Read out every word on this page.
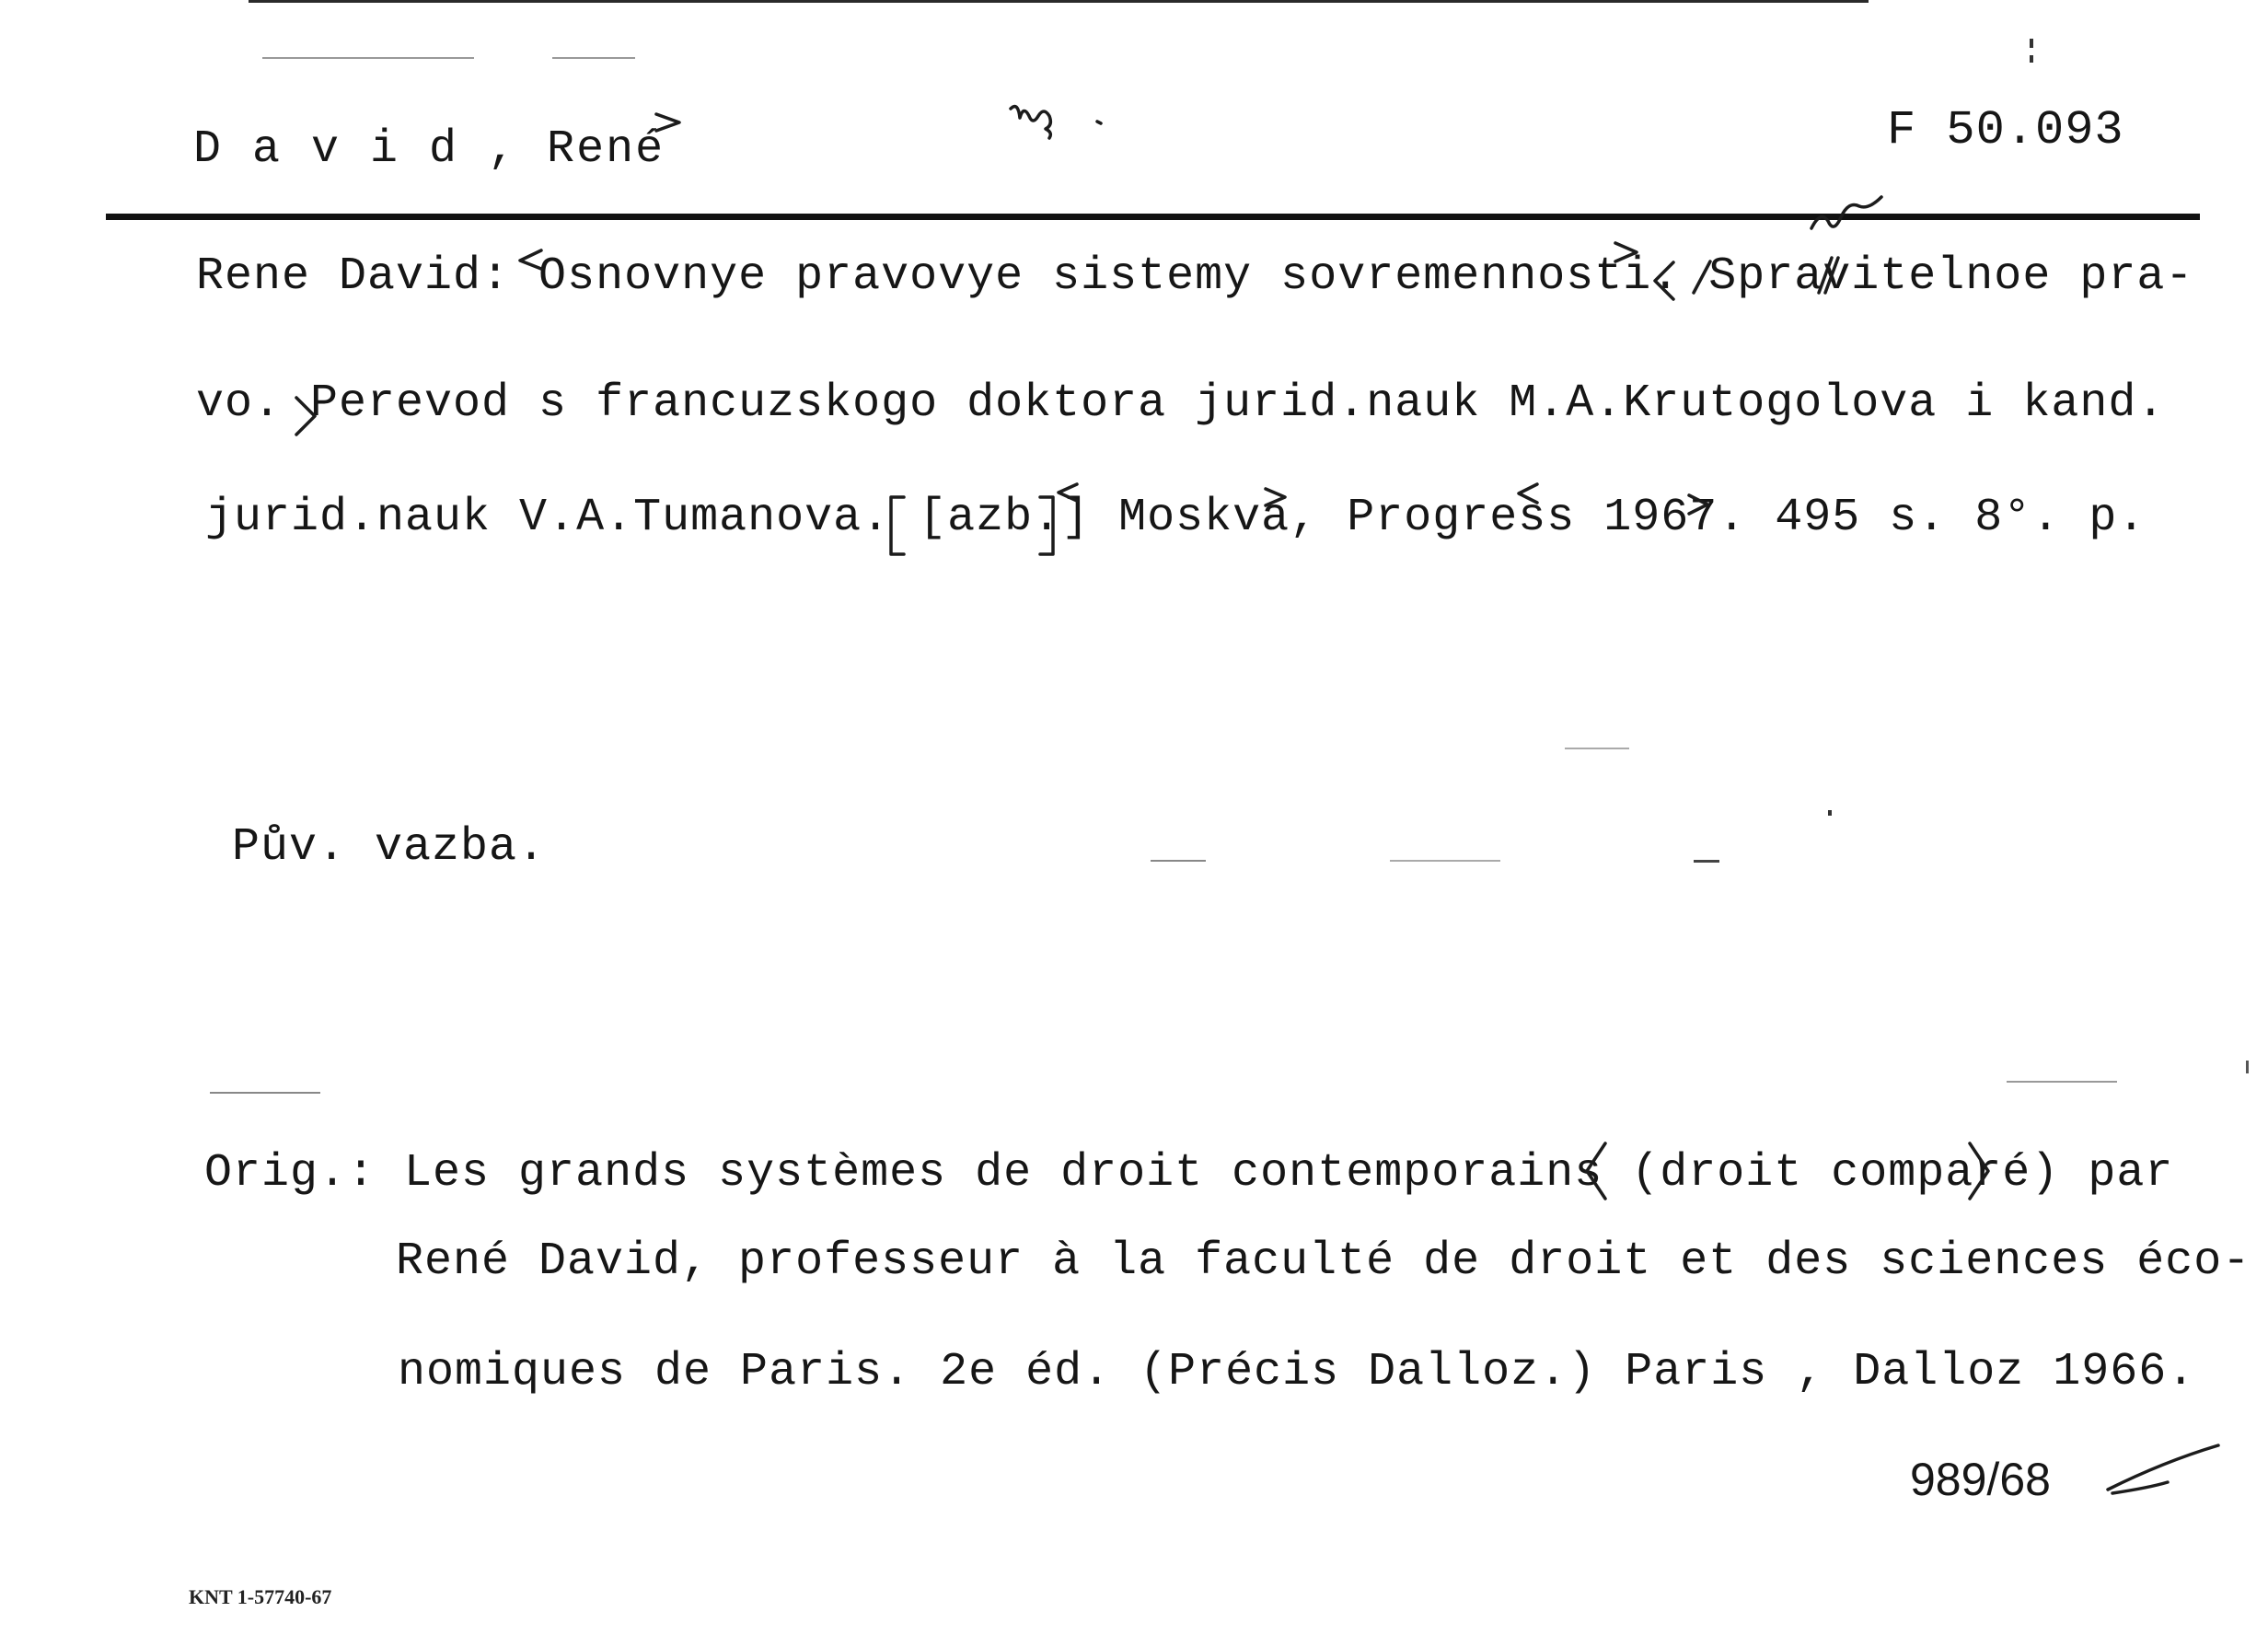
D a v i d , René	F 50.093
Rene David: Osnovnye pravovye sistemy sovremennosti. Spravitelnoe pra-
vo. Perevod s francuzskogo doktora jurid.nauk M.A.Krutogolova i kand.
jurid.nauk V.A.Tumanova. [azb.] Moskva, Progress 1967. 495 s. 8°. p.
Pův. vazba.
Orig.: Les grands systèmes de droit contemporains (droit comparé) par
René David, professeur à la faculté de droit et des sciences éco-
nomiques de Paris. 2e éd. (Précis Dalloz.) Paris , Dalloz 1966.
989/68
KNT 1-57740-67
